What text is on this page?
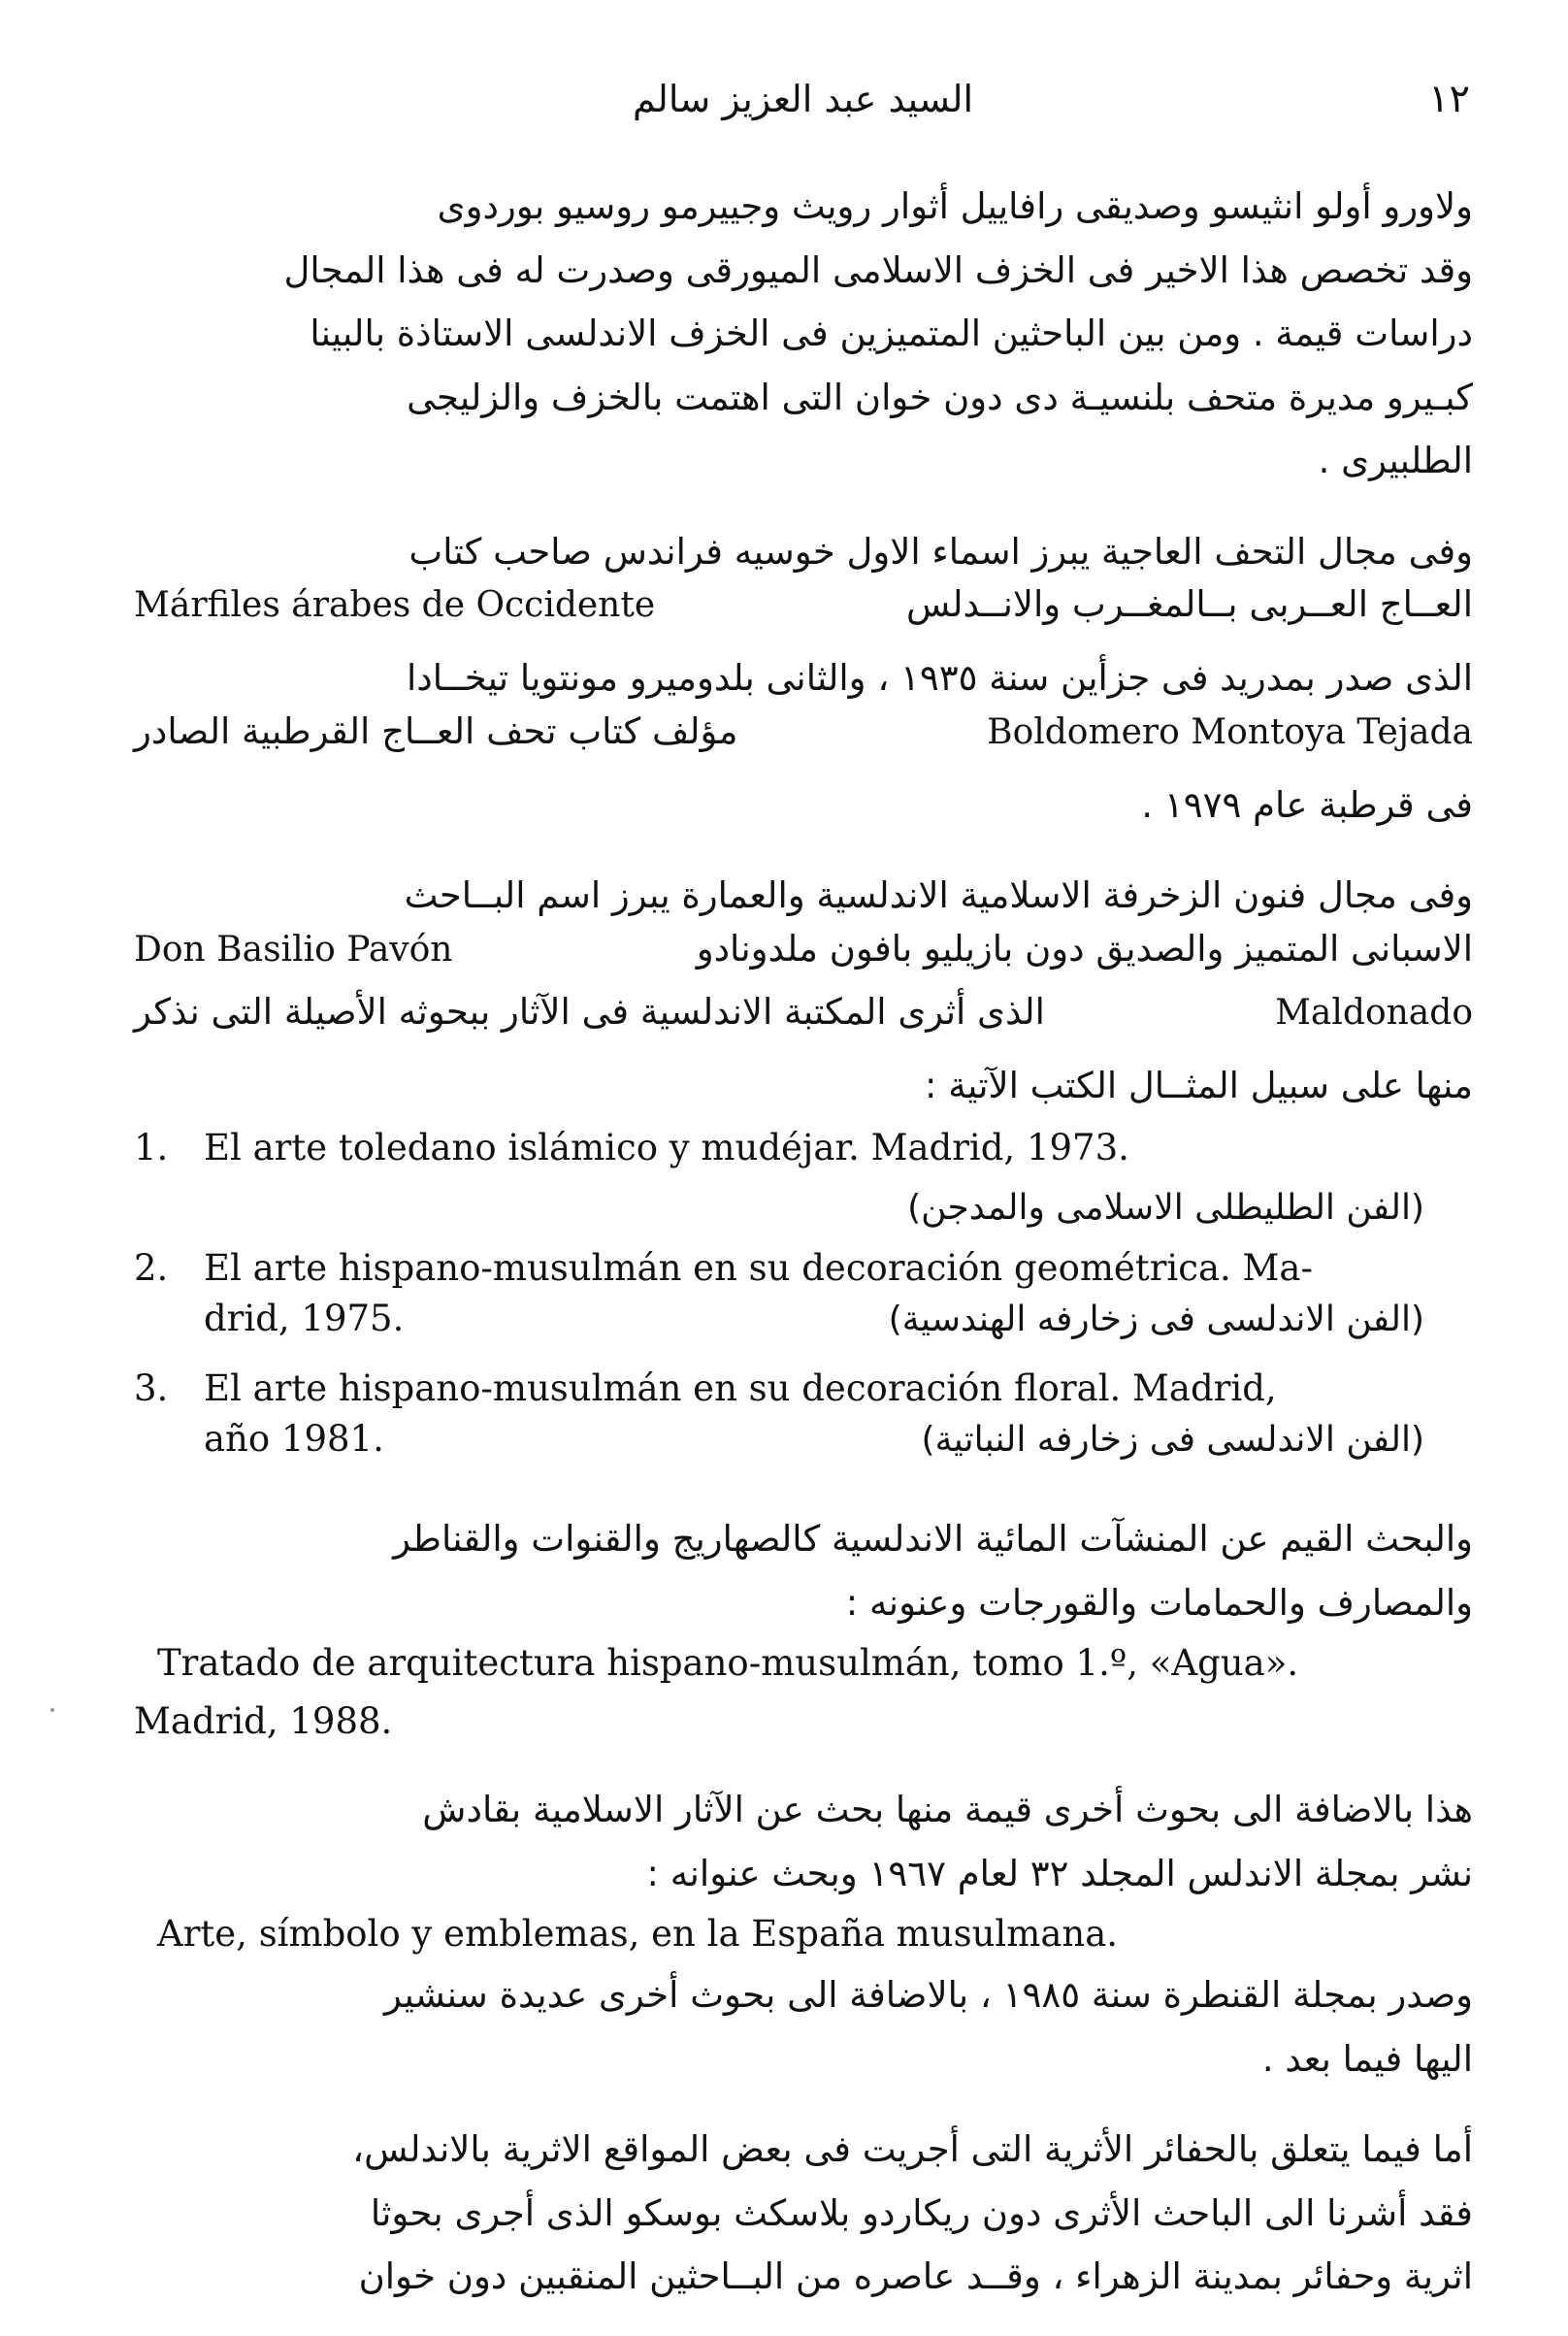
السيد عبد العزيز سالم	١٢

ولاورو أولو انثيسو وصديقى رافاييل أثوار رويث وجييرمو روسيو بوردوى

وقد تخصص هذا الاخير فى الخزف الاسلامى الميورقى وصدرت له فى هذا المجال

دراسات قيمة . ومن بين الباحثين المتميزين فى الخزف الاندلسى الاستاذة بالبينا

كبـيرو مديرة متحف بلنسيـة دى دون خوان التى اهتمت بالخزف والزليجى

الطلبيرى .

وفى مجال التحف العاجية يبرز اسماء الاول خوسيه فراندس صاحب كتاب

Márfiles árabes de Occidente	العــاج العــربى بــالمغــرب والانــدلس

الذى صدر بمدريد فى جزأين سنة ١٩٣٥ ، والثانى بلدوميرو مونتويا تيخــادا

مؤلف كتاب تحف العــاج القرطبية الصادر	Boldomero Montoya Tejada

فى قرطبة عام ١٩٧٩ .

وفى مجال فنون الزخرفة الاسلامية الاندلسية والعمارة يبرز اسم البــاحث

Don Basilio Pavón	الاسبانى المتميز والصديق دون بازيليو بافون ملدونادو
الذى أثرى المكتبة الاندلسية فى الآثار ببحوثه الأصيلة التى نذكر	Maldonado

منها على سبيل المثــال الكتب الآتية :

1. El arte toledano islámico y mudéjar. Madrid, 1973.
(الفن الطليطلى الاسلامى والمدجن)
2. El arte hispano-musulmán en su decoración geométrica. Ma-
drid, 1975.	(الفن الاندلسى فى زخارفه الهندسية)
3. El arte hispano-musulmán en su decoración floral. Madrid,
año 1981.	(الفن الاندلسى فى زخارفه النباتية)

والبحث القيم عن المنشآت المائية الاندلسية كالصهاريج والقنوات والقناطر

والمصارف والحمامات والقورجات وعنونه :

Tratado de arquitectura hispano-musulmán, tomo 1.º, «Agua».

Madrid, 1988.

هذا بالاضافة الى بحوث أخرى قيمة منها بحث عن الآثار الاسلامية بقادش

نشر بمجلة الاندلس المجلد ٣٢ لعام ١٩٦٧ وبحث عنوانه :

Arte, símbolo y emblemas, en la España musulmana.

وصدر بمجلة القنطرة سنة ١٩٨٥ ، بالاضافة الى بحوث أخرى عديدة سنشير

اليها فيما بعد .

أما فيما يتعلق بالحفائر الأثرية التى أجريت فى بعض المواقع الاثرية بالاندلس،

فقد أشرنا الى الباحث الأثرى دون ريكاردو بلاسكث بوسكو الذى أجرى بحوثا

اثرية وحفائر بمدينة الزهراء ، وقــد عاصره من البــاحثين المنقبين دون خوان
